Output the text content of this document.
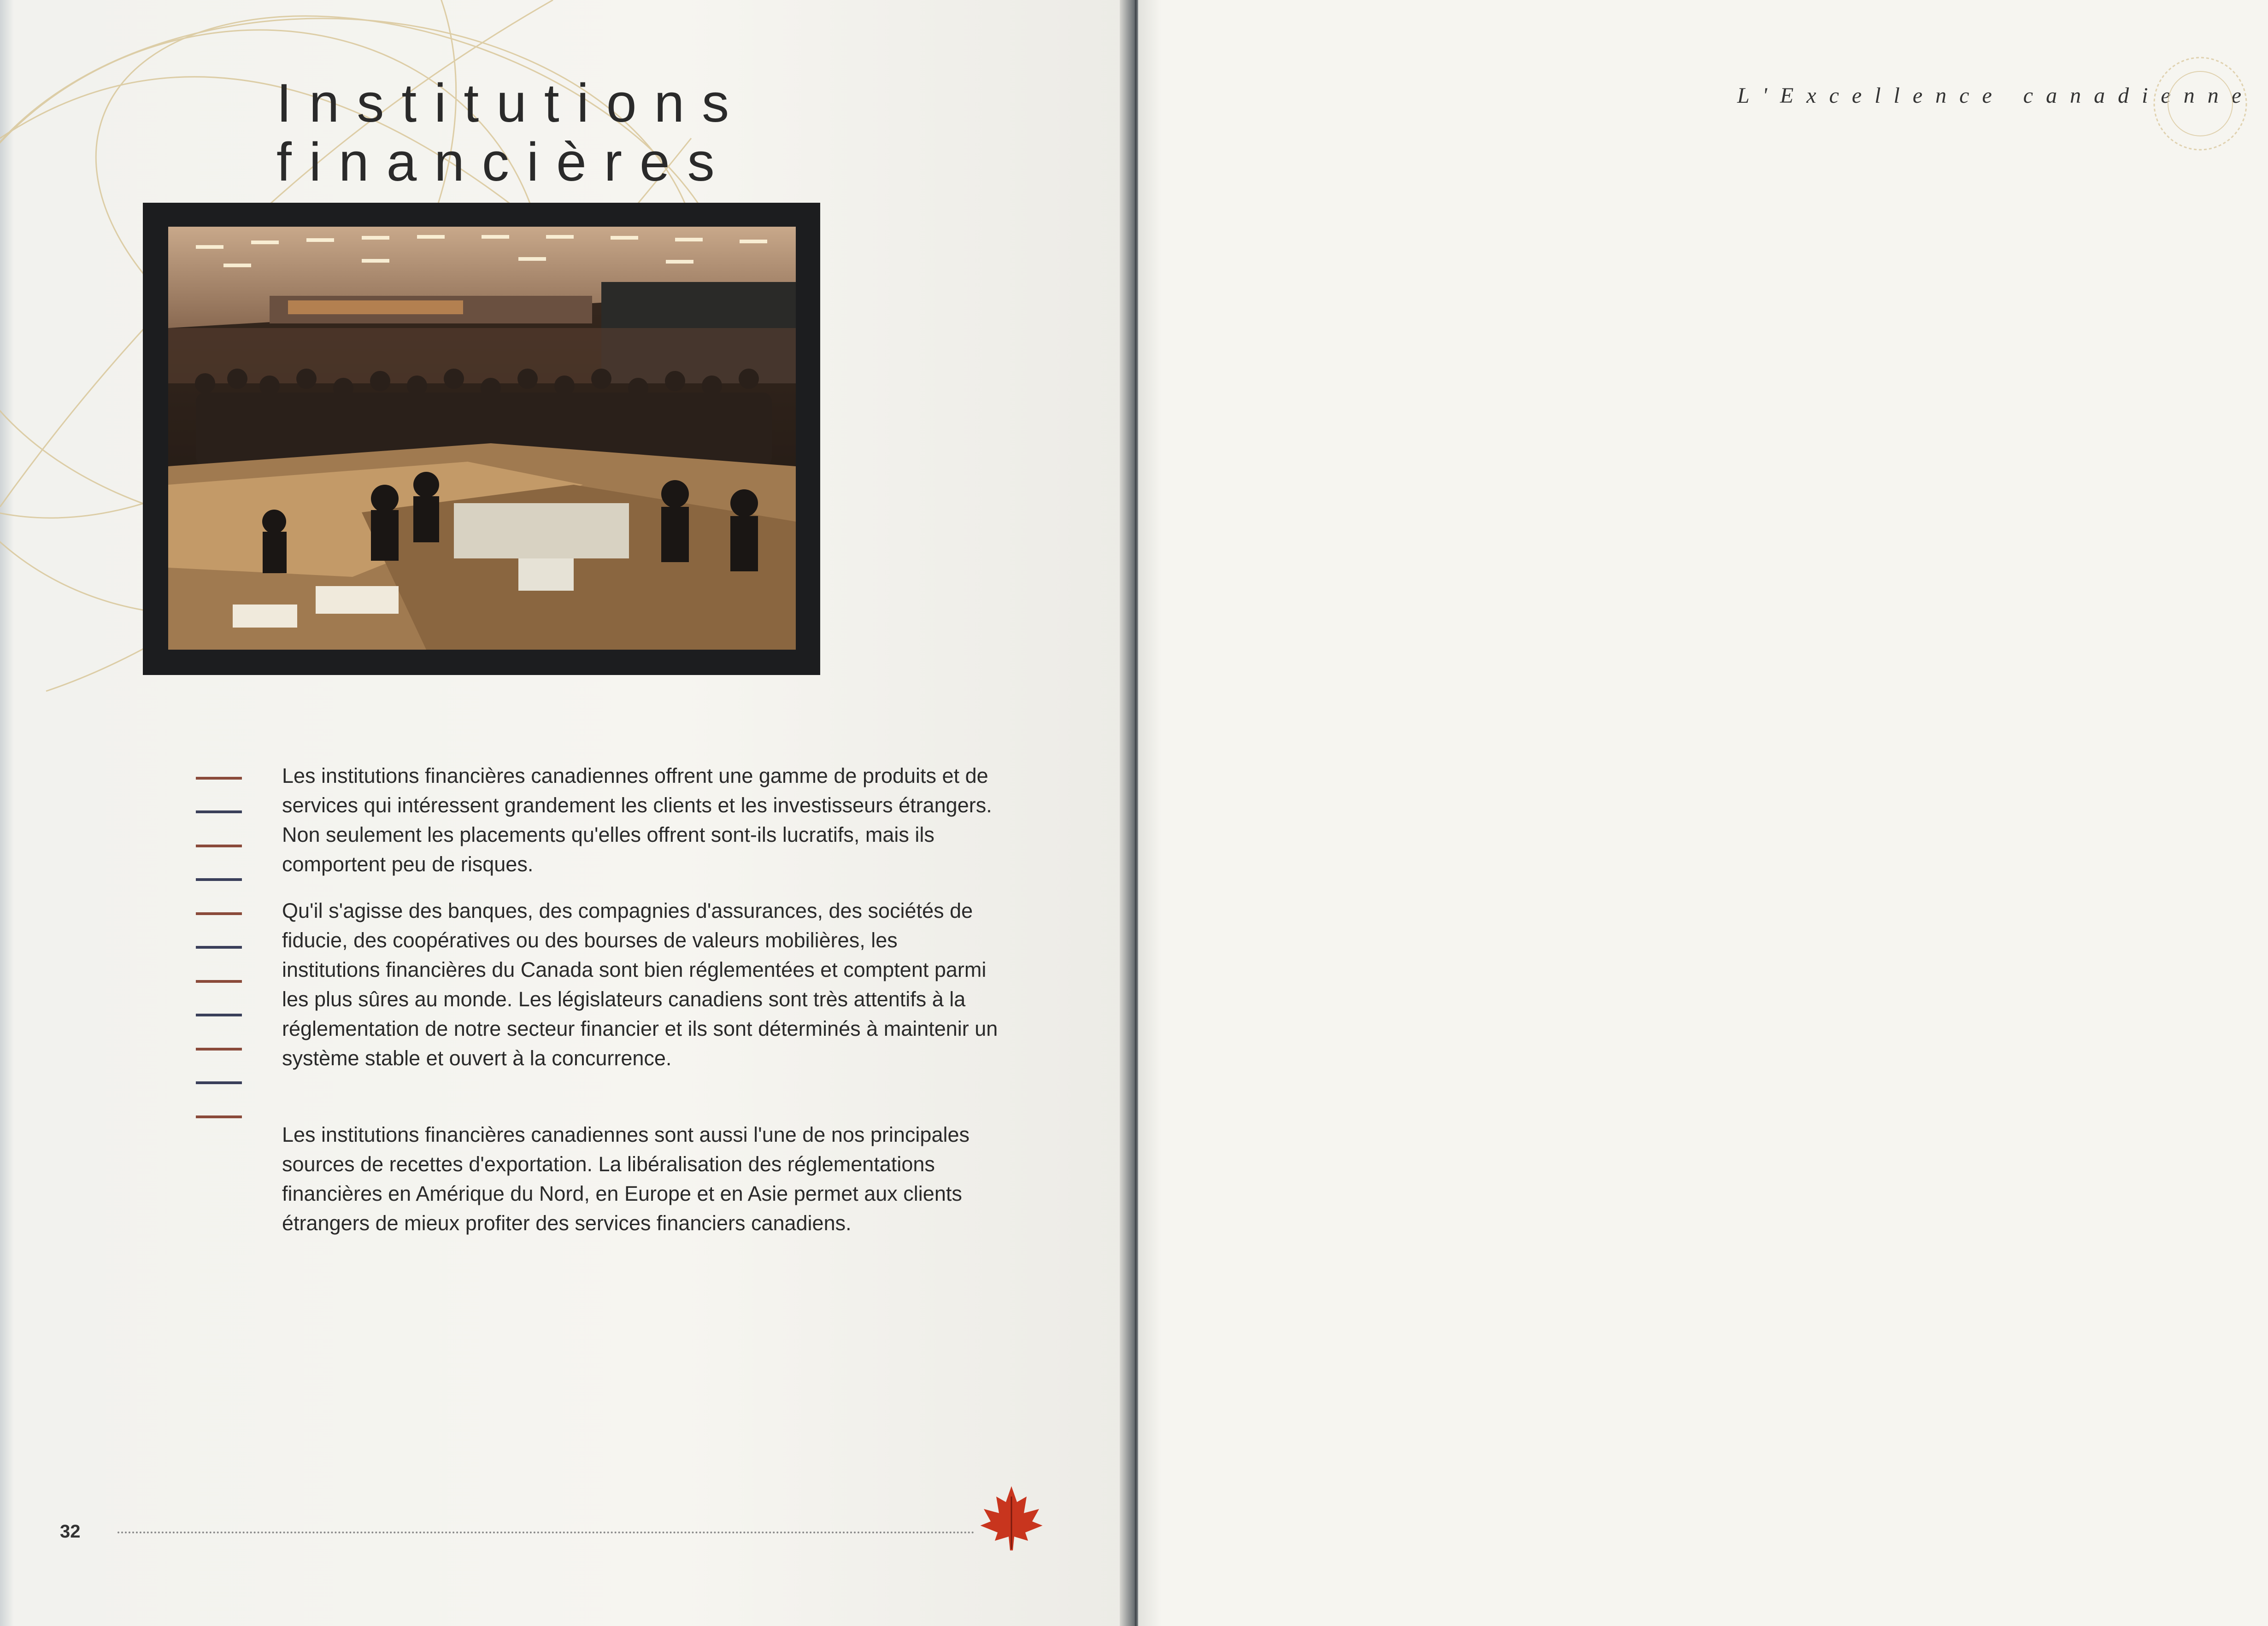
Institutions
financières

Les institutions financières canadiennes offrent une gamme de produits et de services qui intéressent grandement les clients et les investisseurs étrangers. Non seulement les placements qu'elles offrent sont-ils lucratifs, mais ils comportent peu de risques.

Qu'il s'agisse des banques, des compagnies d'assurances, des sociétés de fiducie, des coopératives ou des bourses de valeurs mobilières, les institutions financières du Canada sont bien réglementées et comptent parmi les plus sûres au monde. Les législateurs canadiens sont très attentifs à la réglementation de notre secteur financier et ils sont déterminés à maintenir un système stable et ouvert à la concurrence.

Les institutions financières canadiennes sont aussi l'une de nos principales sources de recettes d'exportation. La libéralisation des réglementations financières en Amérique du Nord, en Europe et en Asie permet aux clients étrangers de mieux profiter des services financiers canadiens.

32
L'Excellence canadienne
